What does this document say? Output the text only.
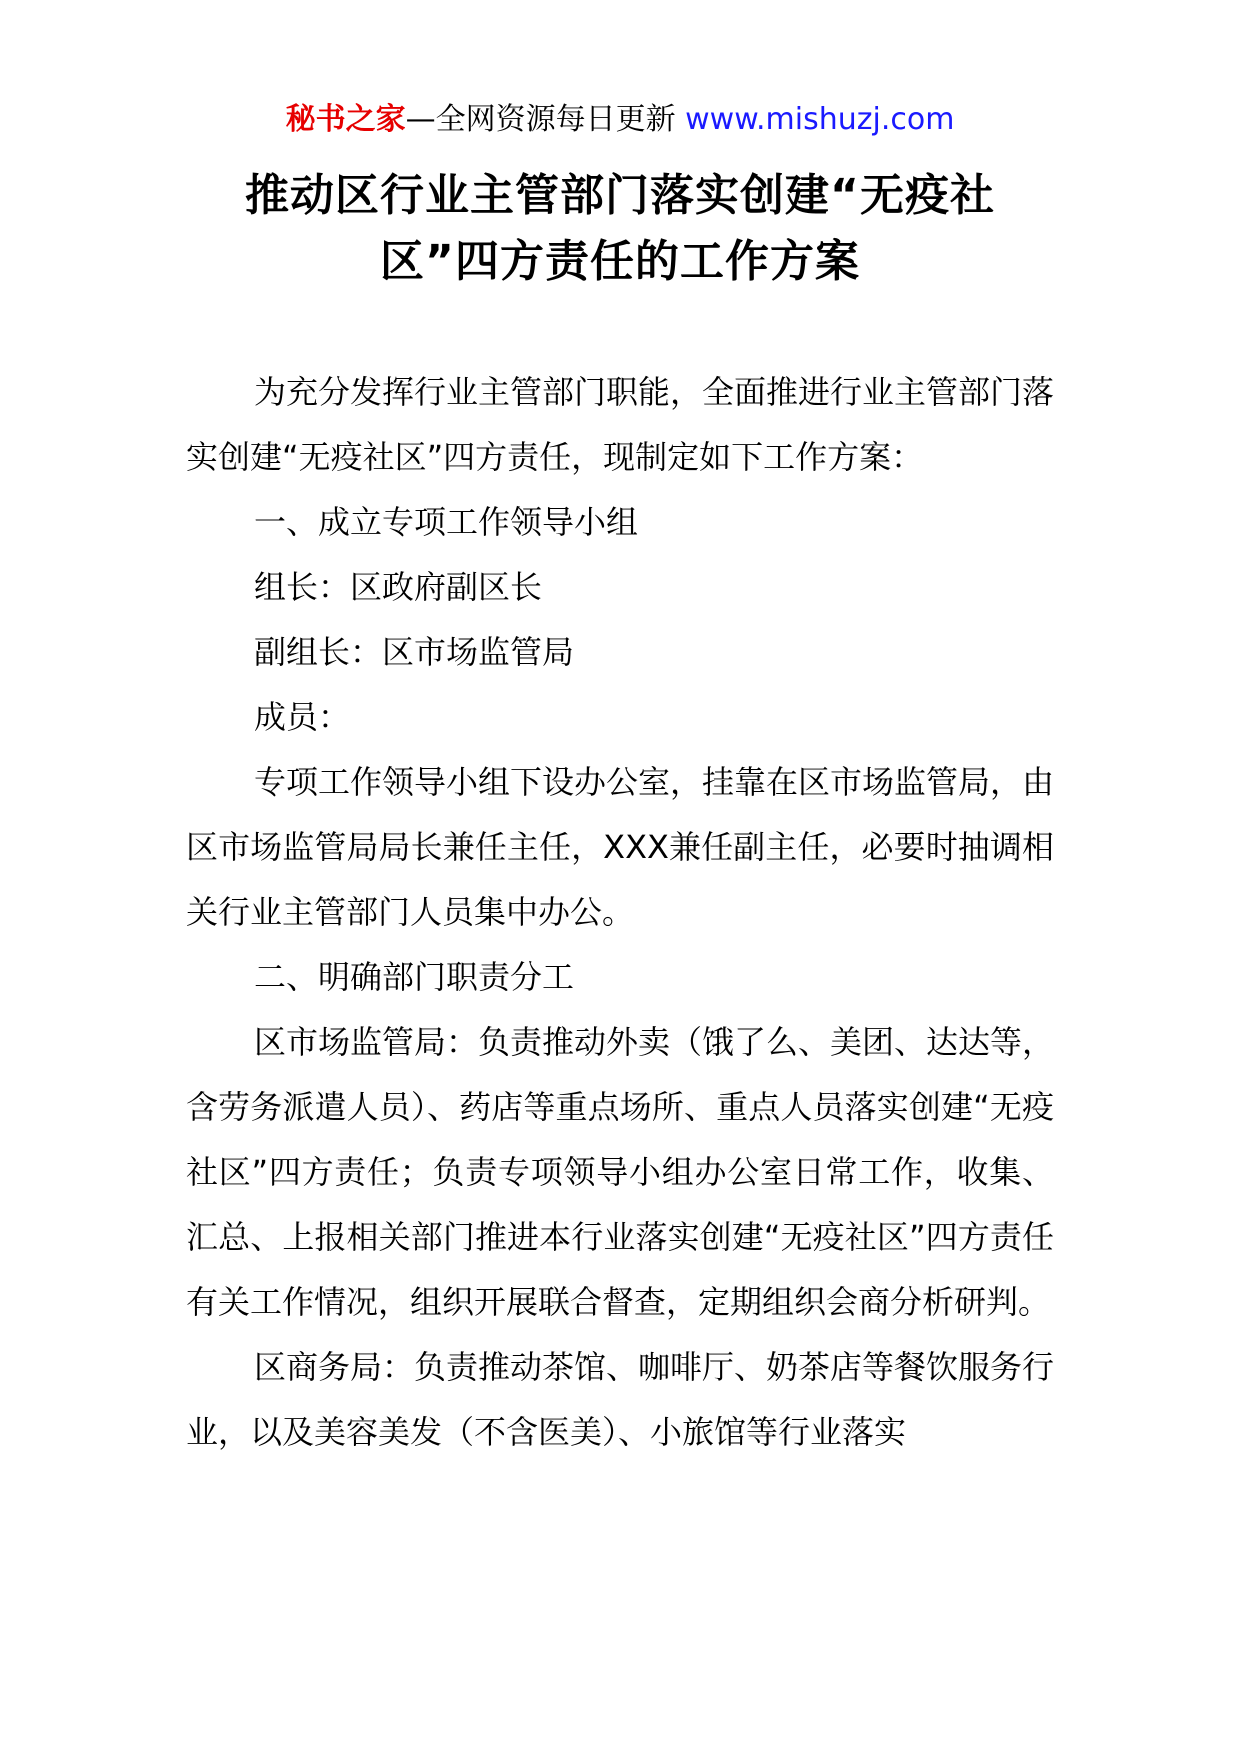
秘书之家—全网资源每日更新 www.mishuzj.com
推动区行业主管部门落实创建“无疫社
区”四方责任的工作方案

为充分发挥行业主管部门职能，全面推进行业主管部门落实创建“无疫社区”四方责任，现制定如下工作方案：

一、成立专项工作领导小组

组长：区政府副区长

副组长：区市场监管局

成员：

专项工作领导小组下设办公室，挂靠在区市场监管局，由区市场监管局局长兼任主任，XXX兼任副主任，必要时抽调相关行业主管部门人员集中办公。

二、明确部门职责分工

区市场监管局：负责推动外卖（饿了么、美团、达达等，含劳务派遣人员）、药店等重点场所、重点人员落实创建“无疫社区”四方责任；负责专项领导小组办公室日常工作，收集、汇总、上报相关部门推进本行业落实创建“无疫社区”四方责任有关工作情况，组织开展联合督查，定期组织会商分析研判。

区商务局：负责推动茶馆、咖啡厅、奶茶店等餐饮服务行业，以及美容美发（不含医美）、小旅馆等行业落实
